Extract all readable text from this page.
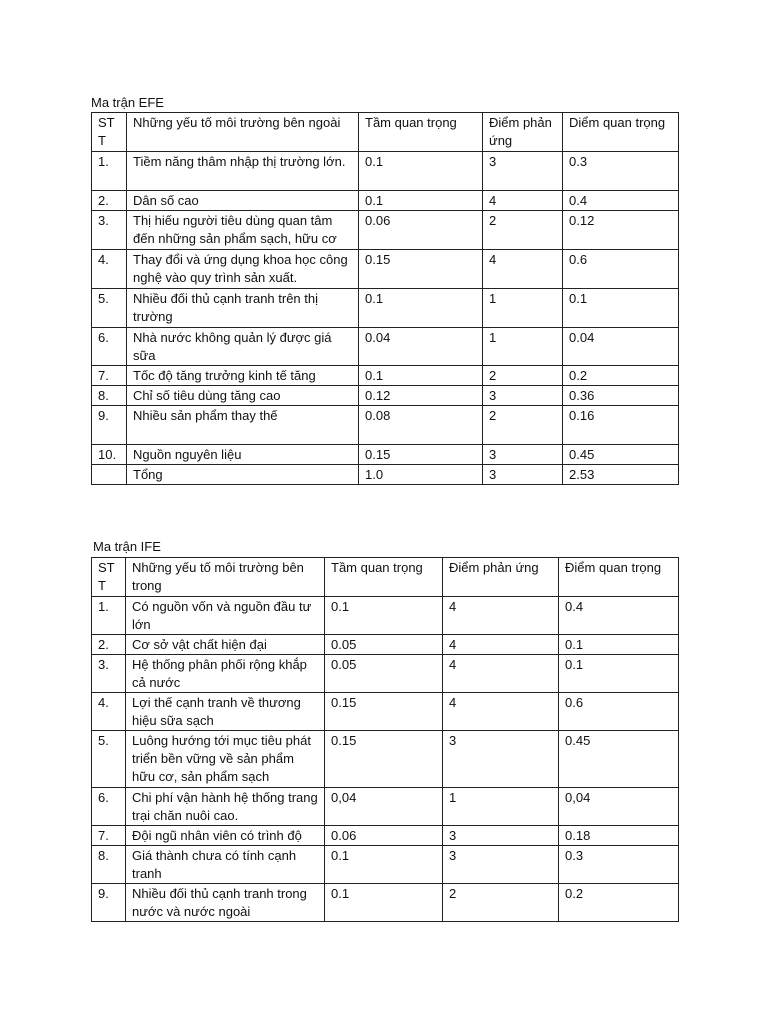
Ma trận EFE
STT	Những yếu tố môi trường bên ngoài	Tầm quan trọng	Điểm phản ứng	Diểm quan trọng
1.	Tiềm năng thâm nhập thị trường lớn.	0.1	3	0.3
2.	Dân số cao	0.1	4	0.4
3.	Thị hiếu người tiêu dùng quan tâm đến những sản phẩm sạch, hữu cơ	0.06	2	0.12
4.	Thay đổi và ứng dụng khoa học công nghệ vào quy trình sản xuất.	0.15	4	0.6
5.	Nhiều đối thủ cạnh tranh trên thị trường	0.1	1	0.1
6.	Nhà nước không quản lý được giá sữa	0.04	1	0.04
7.	Tốc độ tăng trưởng kinh tế tăng	0.1	2	0.2
8.	Chỉ số tiêu dùng tăng cao	0.12	3	0.36
9.	Nhiều sản phẩm thay thế	0.08	2	0.16
10.	Nguồn nguyên liệu	0.15	3	0.45
	Tổng	1.0	3	2.53
Ma trận IFE
ST T	Những yếu tố môi trường bên trong	Tầm quan trọng	Điểm phản ứng	Điểm quan trọng
1.	Có nguồn vốn và nguồn đầu tư lớn	0.1	4	0.4
2.	Cơ sở vật chất hiện đại	0.05	4	0.1
3.	Hệ thống phân phối rộng khắp cả nước	0.05	4	0.1
4.	Lợi thế cạnh tranh về thương hiệu sữa sạch	0.15	4	0.6
5.	Luông hướng tới mục tiêu phát triển bền vững về sản phẩm hữu cơ, sản phẩm sạch	0.15	3	0.45
6.	Chi phí vận hành hệ thống trang trại chăn nuôi cao.	0,04	1	0,04
7.	Đội ngũ nhân viên có trình độ	0.06	3	0.18
8.	Giá thành chưa có tính cạnh tranh	0.1	3	0.3
9.	Nhiều đối thủ cạnh tranh trong nước và nước ngoài	0.1	2	0.2
